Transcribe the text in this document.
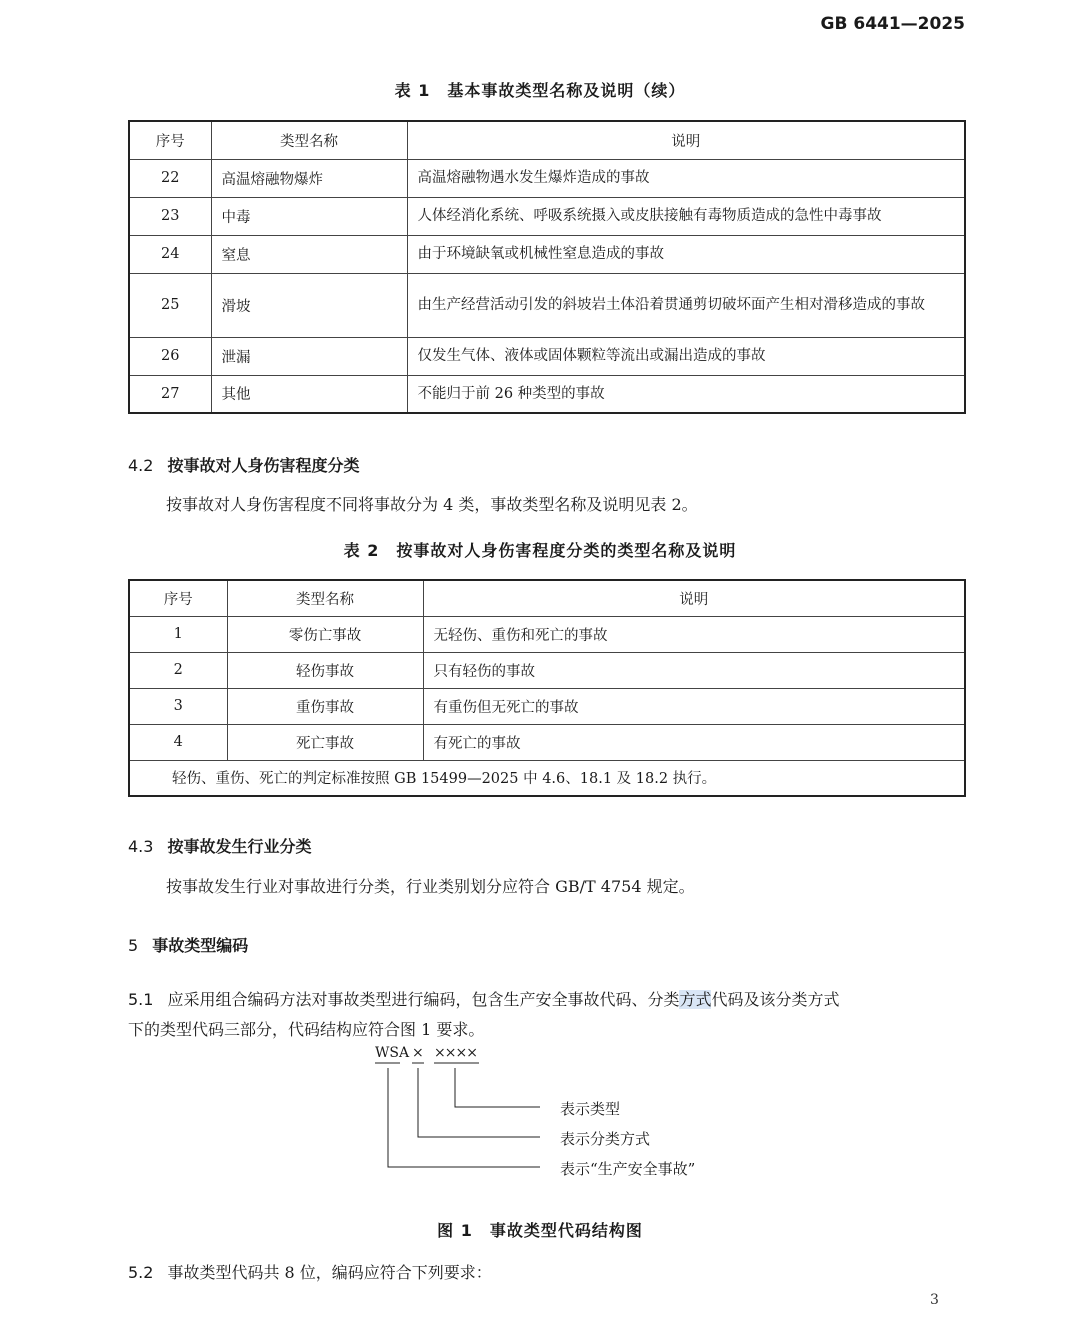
GB 6441—2025
表 1　基本事故类型名称及说明（续）
序号	类型名称	说明
22	高温熔融物爆炸	高温熔融物遇水发生爆炸造成的事故
23	中毒	人体经消化系统、呼吸系统摄入或皮肤接触有毒物质造成的急性中毒事故
24	窒息	由于环境缺氧或机械性窒息造成的事故
25	滑坡	由生产经营活动引发的斜坡岩土体沿着贯通剪切破坏面产生相对滑移造成的事故
26	泄漏	仅发生气体、液体或固体颗粒等流出或漏出造成的事故
27	其他	不能归于前 26 种类型的事故
4.2 按事故对人身伤害程度分类
按事故对人身伤害程度不同将事故分为 4 类，事故类型名称及说明见表 2。
表 2　按事故对人身伤害程度分类的类型名称及说明
序号	类型名称	说明
1	零伤亡事故	无轻伤、重伤和死亡的事故
2	轻伤事故	只有轻伤的事故
3	重伤事故	有重伤但无死亡的事故
4	死亡事故	有死亡的事故
轻伤、重伤、死亡的判定标准按照 GB 15499—2025 中 4.6、18.1 及 18.2 执行。		
4.3 按事故发生行业分类
按事故发生行业对事故进行分类，行业类别划分应符合 GB/T 4754 规定。
5 事故类型编码
5.1 应采用组合编码方法对事故类型进行编码，包含生产安全事故代码、分类方式代码及该分类方式
下的类型代码三部分，代码结构应符合图 1 要求。
WSA × ××××
表示类型
表示分类方式
表示“生产安全事故”
图 1　事故类型代码结构图
5.2 事故类型代码共 8 位，编码应符合下列要求：
3
